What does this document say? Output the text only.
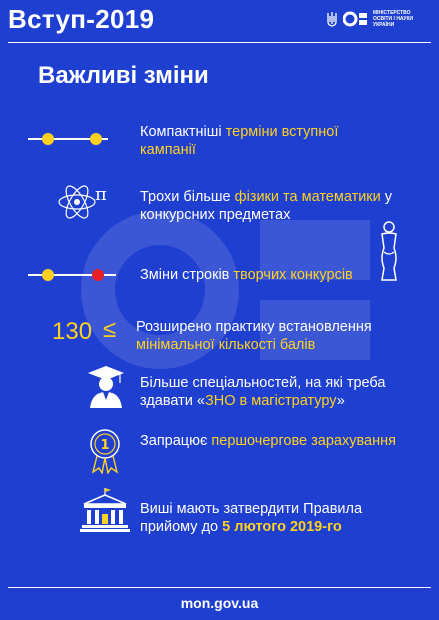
Вступ-2019	МІНІСТЕРСТВО
ОСВІТИ І НАУКИ
УКРАЇНИ
Важливі зміни
Компактніші терміни вступної кампанії
π Трохи більше фізики та математики у конкурсних предметах
Зміни строків творчих конкурсів
130 ≤ Розширено практику встановлення мінімальної кількості балів
Більше спеціальностей, на які треба здавати «ЗНО в магістратуру»
1 Запрацює першочергове зарахування
Виші мають затвердити Правила прийому до 5 лютого 2019-го
mon.gov.ua
